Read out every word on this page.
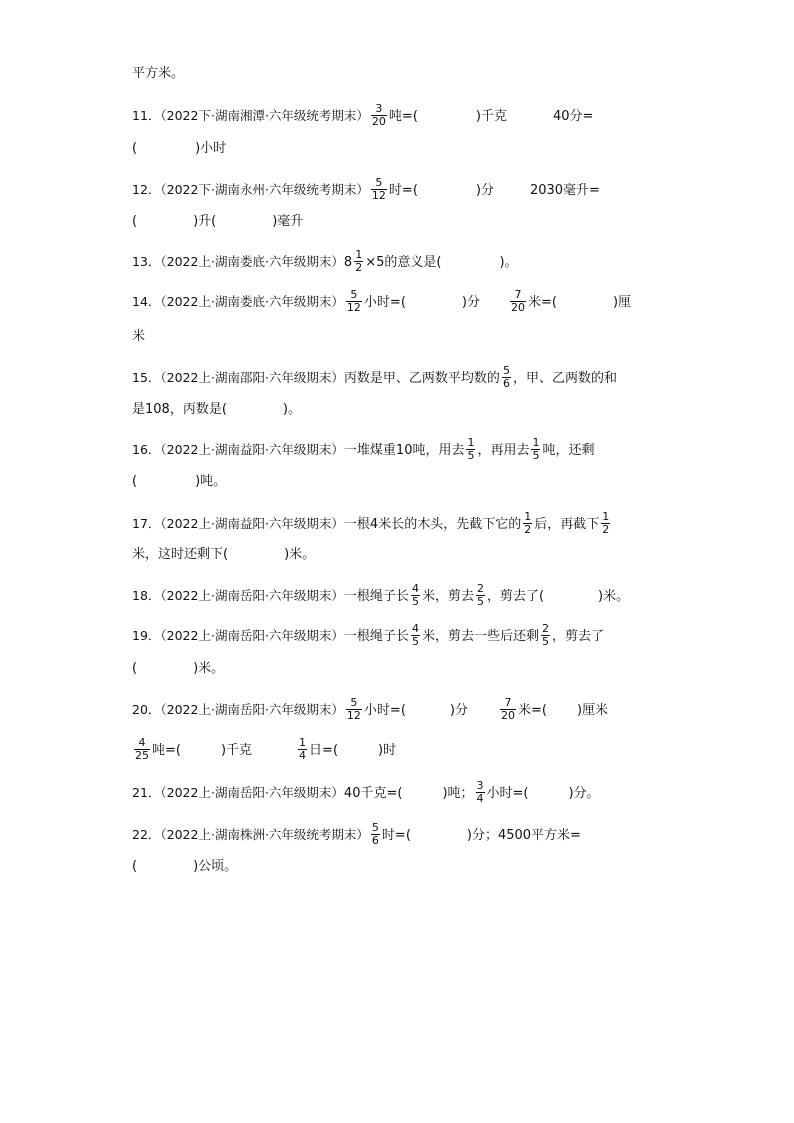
平方米。
11．（2022下·湖南湘潭·六年级统考期末） $\frac{3}{20}$ 吨=(	)千克	40分=
(	)小时
12．（2022下·湖南永州·六年级统考期末） $\frac{5}{12}$ 时=(	)分	2030毫升=
(	)升(	)毫升
13．（2022上·湖南娄底·六年级期末）$8 \frac{1}{2} \times 5$的意义是(	)。
14．（2022上·湖南娄底·六年级期末） $\frac{5}{12}$ 小时=(	)分	$\frac{7}{20}$ 米=(	)厘
米
15．（2022上·湖南邵阳·六年级期末）丙数是甲、乙两数平均数的 $\frac{5}{6}$ ，甲、乙两数的和
是108，丙数是(	)。
16．（2022上·湖南益阳·六年级期末）一堆煤重10吨，用去 $\frac{1}{5}$ ，再用去 $\frac{1}{5}$ 吨，还剩
(	)吨。
17．（2022上·湖南益阳·六年级期末）一根4米长的木头，先截下它的 $\frac{1}{2}$ 后，再截下 $\frac{1}{2}$
米，这时还剩下(	)米。
18．（2022上·湖南岳阳·六年级期末）一根绳子长 $\frac{4}{5}$ 米，剪去 $\frac{2}{5}$ ，剪去了(	)米。
19．（2022上·湖南岳阳·六年级期末）一根绳子长 $\frac{4}{5}$ 米，剪去一些后还剩 $\frac{2}{5}$ ，剪去了
(	)米。
20．（2022上·湖南岳阳·六年级期末） $\frac{5}{12}$ 小时=(	)分	$\frac{7}{20}$ 米=( )厘米
$\frac{4}{25}$ 吨=(	)千克	$\frac{1}{4}$ 日=(	)时
21．（2022上·湖南岳阳·六年级期末）40千克=(	)吨； $\frac{3}{4}$ 小时=(	)分。
22．（2022上·湖南株洲·六年级统考期末） $\frac{5}{6}$ 时=(	)分；4500平方米=
(	)公顷。
